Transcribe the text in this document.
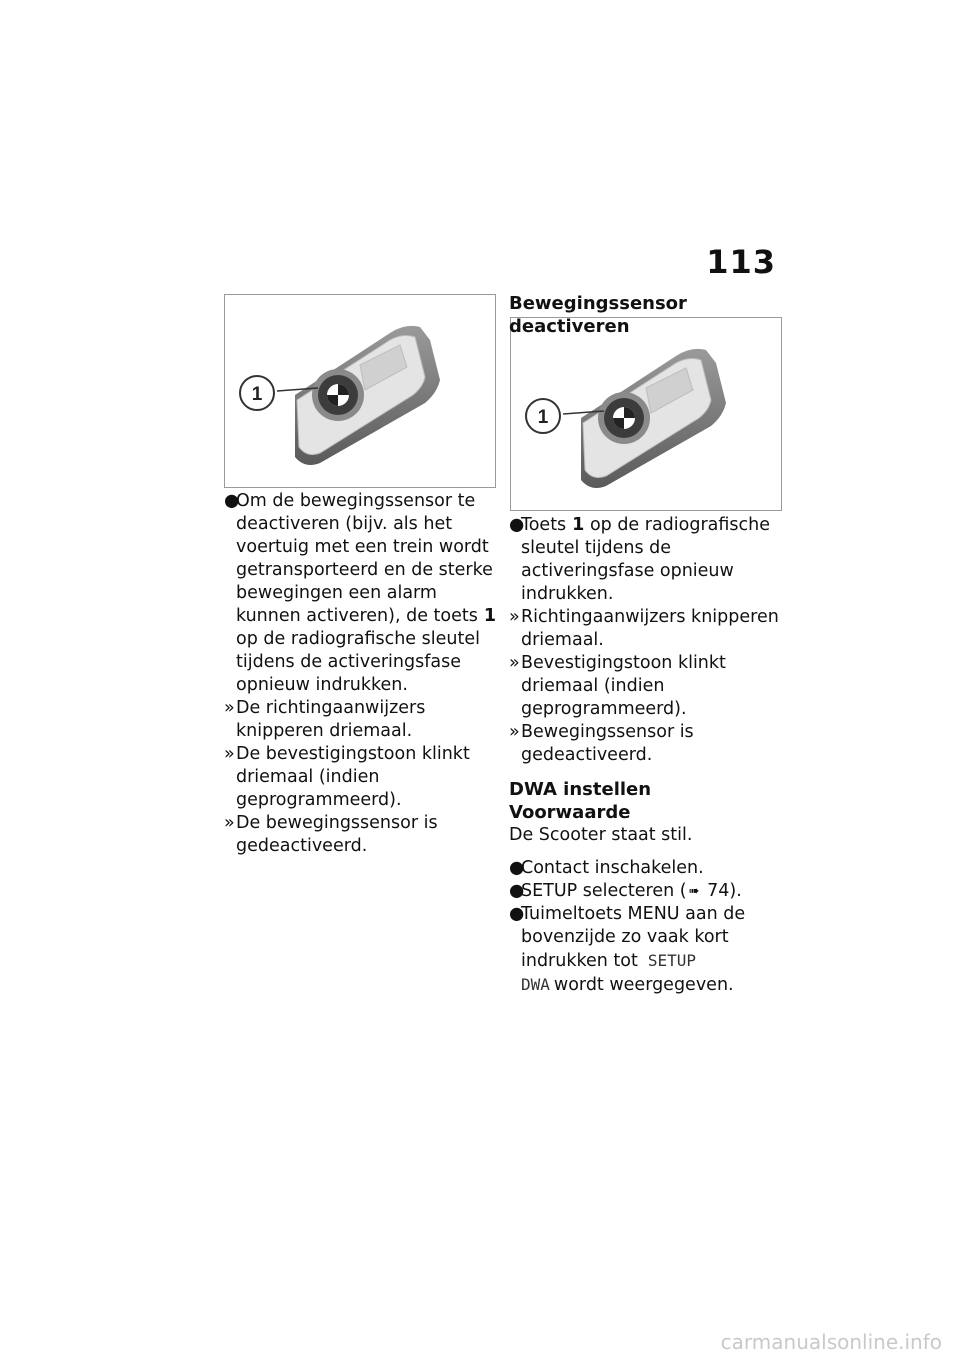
113
1
1
●
Om de bewegingssensor te deactiveren (bijv. als het voertuig met een trein wordt getransporteerd en de sterke bewegingen een alarm kunnen activeren), de toets 1 op de radiografische sleutel tijdens de activeringsfase opnieuw indrukken.
» De richtingaanwijzers knipperen driemaal.
» De bevestigingstoon klinkt driemaal (indien geprogrammeerd).
» De bewegingssensor is gedeactiveerd.

Bewegingssensor deactiveren

●
Toets 1 op de radiografische sleutel tijdens de activeringsfase opnieuw indrukken.
» Richtingaanwijzers knipperen driemaal.
» Bevestigingstoon klinkt driemaal (indien geprogrammeerd).
» Bewegingssensor is gedeactiveerd.

DWA instellen

Voorwaarde

De Scooter staat stil.

●
Contact inschakelen.
●
SETUP selecteren ( ➠ 74).
●
Tuimeltoets MENU aan de bovenzijde zo vaak kort indrukken tot SETUP DWA wordt weergegeven.
carmanualsonline.info
